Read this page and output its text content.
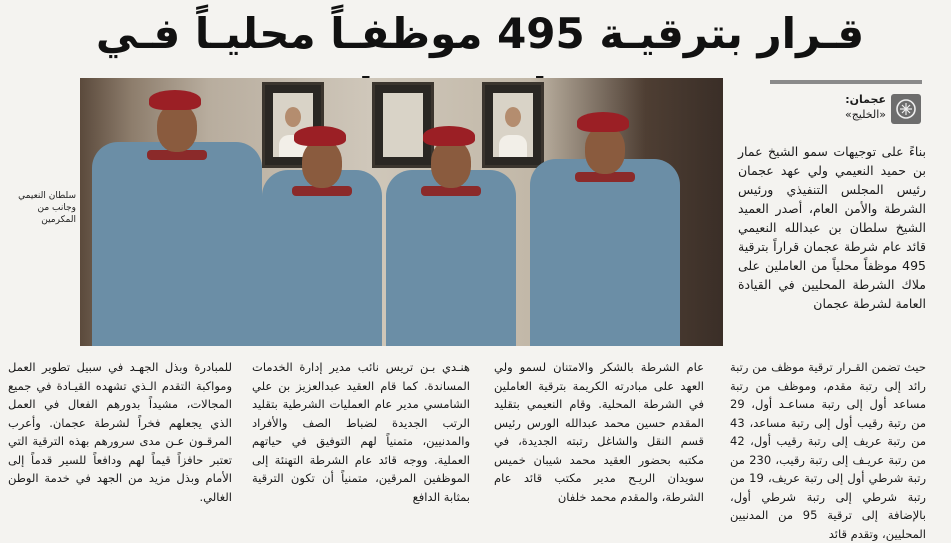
قـرار بترقيـة 495 موظفـاً محليـاً فـي
سلطان النعيمي وجانب من المكرمين
عجمان:
«الخليج»

بناءً على توجيهات سمو الشيخ عمار بن حميد النعيمي ولي عهد عجمان رئيس المجلس التنفيذي ورئيس الشرطة والأمن العام، أصدر العميد الشيخ سلطان بن عبدالله النعيمي قائد عام شرطة عجمان قراراً بترقية 495 موظفاً محلياً من العاملين على ملاك الشرطة المحليين في القيادة العامة لشرطة عجمان

حيث تضمن القـرار ترقية موظف من رتبة رائد إلى رتبة مقدم، وموظف من رتبة مساعد أول إلى رتبة مساعـد أول، 29 من رتبة رقيب أول إلى رتبة مساعد، 43 من رتبة عريف إلى رتبة رقيب أول، 42 من رتبة عريـف إلى رتبة رقيب، 230 من رتبة شرطي أول إلى رتبة عريف، 19 من رتبة شرطي إلى رتبة شرطي أول، بالإضافة إلى ترقية 95 من المدنيين المحليين، وتقدم قائد

عام الشرطة بالشكر والامتنان لسمو ولي العهد على مبادرته الكريمة بترقية العاملين في الشرطة المحلية. وقام النعيمي بتقليد المقدم حسين محمد عبدالله الورس رئيس قسم النقل والشاغل رتبته الجديدة، في مكتبه بحضور العقيد محمد شيبان خميس سويدان الريـح مدير مكتب قائد عام الشرطة، والمقدم محمد خلفان

هنـدي بـن تريس نائب مدير إدارة الخدمات المساندة. كما قام العقيد عبدالعزيز بن علي الشامسي مدير عام العمليات الشرطية بتقليد الرتب الجديدة لضباط الصف والأفراد والمدنيين، متمنياً لهم التوفيق في حياتهم العملية. ووجه قائد عام الشرطة التهنئة إلى الموظفين المرقين، متمنياً أن تكون الترقية بمثابة الدافع

للمبادرة وبذل الجهـد في سبيل تطوير العمل ومواكبة التقدم الـذي تشهده القيـادة في جميع المجالات، مشيداً بدورهم الفعال في العمل الذي يجعلهم فخراً لشرطة عجمان. وأعرب المرقـون عـن مدى سرورهم بهذه الترقية التي تعتبر حافزاً قيماً لهم ودافعاً للسير قدماً إلى الأمام وبذل مزيد من الجهد في خدمة الوطن الغالي.
